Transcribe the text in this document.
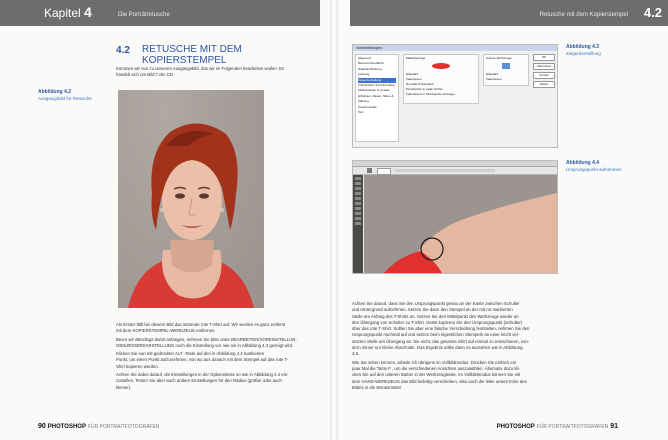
Kapitel 4	Die Porträtretusche
4.2 RETUSCHE MIT DEM KOPIERSTEMPEL
Kommen wir nun zu unserem Ausgangsbild, das wir im Folgenden bearbeiten wollen. Es
handelt sich um Bild 7 der CD.
Abbildung 4.2
Ausgangsbild für Retusche
Als Erstes fällt bei diesem Bild das störende rote T-Shirt auf. Wir werden es ganz entfernt
mit dem KOPIERSTEMPEL-WERKZEUG entfernen.
Bevor wir allerdings damit anfangen, nehmen Sie bitte unter BEARBEITEN/VOREINSTELLUN-
GEN/ZEIGERDARSTELLUNG noch die Einstellung vor, wie sie in Abbildung 4.3 gezeigt wird.
Klicken Sie nun mit gedrückter ALT -Taste auf den in Abbildung 4.4 markierten
Punkt, um einen Punkt aufzunehmen, von wo aus danach mit dem Stempel auf das rote T-
Shirt kopieren werden.
Achten Sie dabei darauf, die Einstellungen in der Optionsleiste so wie in Abbildung 4.4 ein-
zustellen. Testen Sie aber auch andere Einstellungen für den Radius (größer oder auch
kleiner).
90 PHOTOSHOP FÜR PORTRAITFOTOGRAFEN
Retusche mit dem Kopierstempel 4.2
Voreinstellungen
Allgemein
Benutzeroberfläche
Dateihandhabung
Leistung
Zeigerdarstellung
Transparenz & Farbumfang
Maßeinheiten & Lineale
Hilfslinien, Raster, Slices & Zählung
Zusatzmodule
Text
Malwerkzeuge
Standard
Fadenkreuz
Normale Pinselspitze
Pinselspitze in voller Größe
Fadenkreuz in Pinselspitze anzeigen
Andere Werkzeuge
Standard
Fadenkreuz
OK
Abbrechen
Zurück
Weiter
Abbildung 4.3
Zeigerdarstellung
Abbildung 4.4
Ursprungspunkt aufnehmen
Achten Sie darauf, dass Sie den Ursprungspunkt genau an der Kante zwischen Schulter
und Hintergrund aufnehmen. Setzen Sie dann den Stempel an der mit rot markierten
Stelle am Anfang des T-Shirts an. Setzen Sie den Mittelpunkt des Werkzeugs wieder an
den Übergang von Schulter zu T-Shirt. Damit kopieren Sie den Ursprungspunkt (Schulter)
über das rote T-Shirt. Sollten Sie aber eine falsche Verschiebung feststellen, nehmen Sie den
Ursprungspunkt nochmal auf und setzen beim eigentlichen Stempeln an einer leicht ver-
setzten Stelle am Übergang an. Sie nicht, das gesamte Shirt auf einmal zu retuschieren, son-
dern immer nur kleine Abschnitte. Das Ergebnis sollte dann so aussehen wie in Abbildung
4.5.
Wie Sie sehen können, arbeite ich übrigens im Vollbildmodus. Drücken Sie einfach ein
paar Mal die Taste F , um die verschiedenen Ansichten auszuwählen. Alternativ dazu kli-
cken Sie auf den unteren Button in der Werkzeugleiste. Im Vollbildmodus können Sie mit
dem HAND-WERKZEUG das Bild beliebig verschieben, also auch die linke untere Ecke des
Bildes in die Monitormitte!
PHOTOSHOP FÜR PORTRAITFOTOGRAFEN 91
